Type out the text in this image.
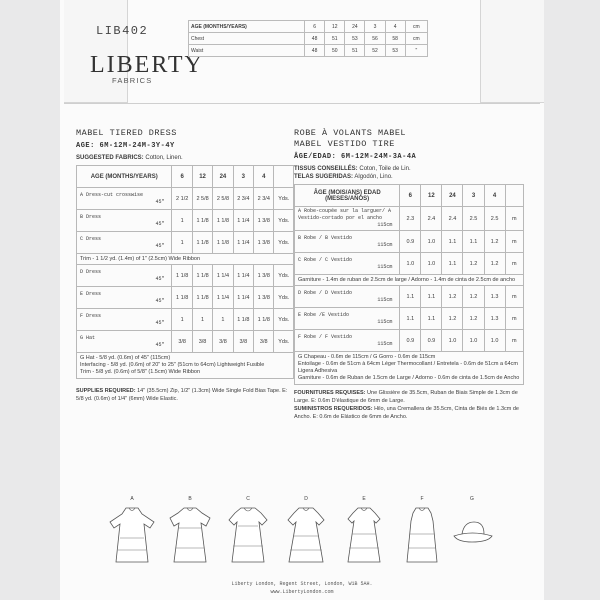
LIB402
LIBERTY
FABRICS
AGE (MONTHS/YEARS)	6	12	24	3	4	cm
Chest	48	51	53	56	58	cm
Waist	48	50	51	52	53	"
MABEL TIERED DRESS
AGE: 6M-12M-24M-3Y-4Y
SUGGESTED FABRICS: Cotton, Linen.
AGE (MONTHS/YEARS)	6	12	24	3	4	
A Dress-cut crosswise
45"	2 1/2	2 5/8	2 5/8	2 3/4	2 3/4	Yds.
B Dress
45"	1	1 1/8	1 1/8	1 1/4	1 3/8	Yds.
C Dress
45"	1	1 1/8	1 1/8	1 1/4	1 3/8	Yds.
Trim - 1 1/2 yd. (1.4m) of 1" (2.5cm) Wide Ribbon						
D Dress
45"	1 1/8	1 1/8	1 1/4	1 1/4	1 3/8	Yds.
E Dress
45"	1 1/8	1 1/8	1 1/4	1 1/4	1 3/8	Yds.
F Dress
45"	1	1	1	1 1/8	1 1/8	Yds.
G Hat
45"	3/8	3/8	3/8	3/8	3/8	Yds.
G Hat - 5/8 yd. (0.6m) of 45" (115cm)
Interfacing - 5/8 yd. (0.6m) of 20" to 25" (51cm to 64cm) Lightweight Fusible
Trim - 5/8 yd. (0.6m) of 5/8" (1.5cm) Wide Ribbon
SUPPLIES REQUIRED: 14" (35.5cm) Zip, 1/2" (1.3cm) Wide Single Fold Bias Tape. E: 5/8 yd. (0.6m) of 1/4" (6mm) Wide Elastic.
ROBE À VOLANTS MABEL
MABEL VESTIDO TIRE
ÂGE/EDAD: 6M-12M-24M-3A-4A
TISSUS CONSEILLÉS: Coton, Toile de Lin.
TELAS SUGERIDAS: Algodón, Lino.
ÂGE (MOIS/ANS) EDAD (MESES/AÑOS)	6	12	24	3	4	
A Robe-coupée sur la larguer/ A Vestido-cortado por el ancho
115cm	2.3	2.4	2.4	2.5	2.5	m
B Robe / B Vestido
115cm	0.9	1.0	1.1	1.1	1.2	m
C Robe / C Vestido
115cm	1.0	1.0	1.1	1.2	1.2	m
Garniture - 1.4m de ruban de 2.5cm de large / Adorno - 1.4m de cinta de 2.5cm de ancho						
D Robe / D Vestido
115cm	1.1	1.1	1.2	1.2	1.3	m
E Robe /E Vestido
115cm	1.1	1.1	1.2	1.2	1.3	m
F Robe / F Vestido
115cm	0.9	0.9	1.0	1.0	1.0	m
G Chapeau - 0.6m de 115cm / G Gorro - 0.6m de 115cm
Entoilage - 0.6m de 51cm à 64cm Léger Thermocollant / Entretela - 0.6m de 51cm a 64cm Ligera Adhesiva
Garniture - 0.6m de Ruban de 1.5cm de Large / Adorno - 0.6m de cinta de 1.5cm de Ancho
FOURNITURES REQUISES: Une Glissière de 35.5cm, Ruban de Biais Simple de 1.3cm de Large. E: 0.6m D'élastique de 6mm de Large.
SUMINISTROS REQUERIDOS: Hilo, una Cremallera de 35.5cm, Cinta de Biés de 1.3cm de Ancho. E: 0.6m de Elástico de 6mm de Ancho.
A	B	C	D	E	F	G
Liberty London, Regent Street, London, W1B 5AH.
www.LibertyLondon.com
